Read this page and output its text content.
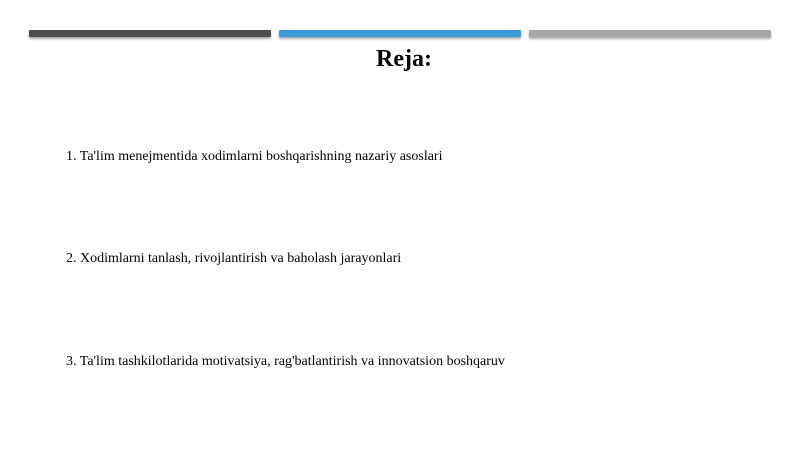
Reja:
1. Ta'lim menejmentida xodimlarni boshqarishning nazariy asoslari
2. Xodimlarni tanlash, rivojlantirish va baholash jarayonlari
3. Ta'lim tashkilotlarida motivatsiya, rag'batlantirish va innovatsion boshqaruv
